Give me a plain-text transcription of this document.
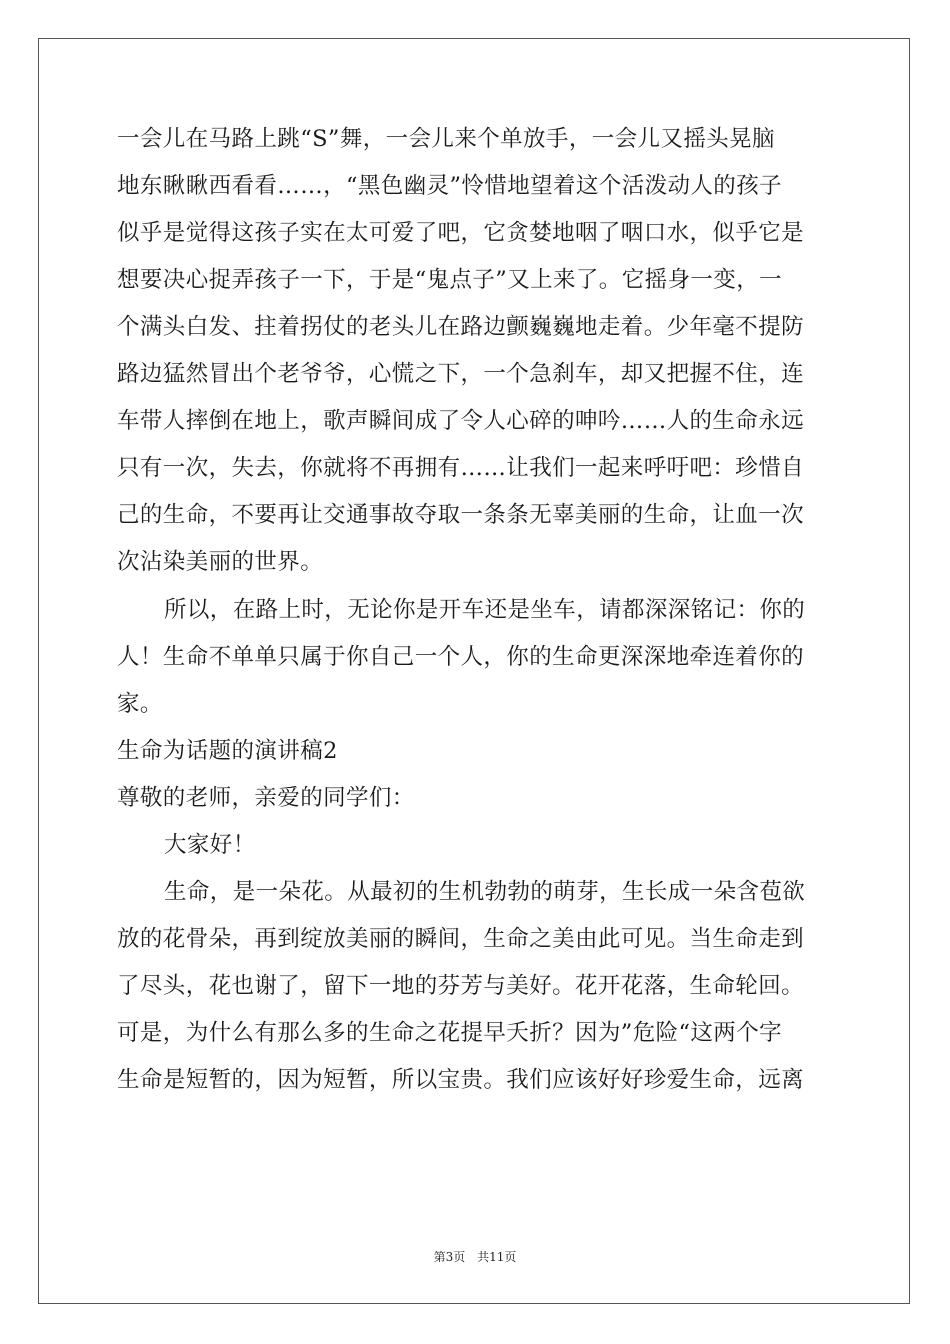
一会儿在马路上跳“S”舞，一会儿来个单放手，一会儿又摇头晃脑
地东瞅瞅西看看……，“黑色幽灵”怜惜地望着这个活泼动人的孩子
似乎是觉得这孩子实在太可爱了吧，它贪婪地咽了咽口水，似乎它是
想要决心捉弄孩子一下，于是“鬼点子”又上来了。它摇身一变，一
个满头白发、拄着拐仗的老头儿在路边颤巍巍地走着。少年毫不提防
路边猛然冒出个老爷爷，心慌之下，一个急刹车，却又把握不住，连
车带人摔倒在地上，歌声瞬间成了令人心碎的呻吟……人的生命永远
只有一次，失去，你就将不再拥有……让我们一起来呼吁吧：珍惜自
己的生命，不要再让交通事故夺取一条条无辜美丽的生命，让血一次
次沾染美丽的世界。
所以，在路上时，无论你是开车还是坐车，请都深深铭记：你的
人！生命不单单只属于你自己一个人，你的生命更深深地牵连着你的
家。
生命为话题的演讲稿2
尊敬的老师，亲爱的同学们：
大家好！
生命，是一朵花。从最初的生机勃勃的萌芽，生长成一朵含苞欲
放的花骨朵，再到绽放美丽的瞬间，生命之美由此可见。当生命走到
了尽头，花也谢了，留下一地的芬芳与美好。花开花落，生命轮回。
可是，为什么有那么多的生命之花提早夭折？因为”危险“这两个字
生命是短暂的，因为短暂，所以宝贵。我们应该好好珍爱生命，远离
第3页 共11页
